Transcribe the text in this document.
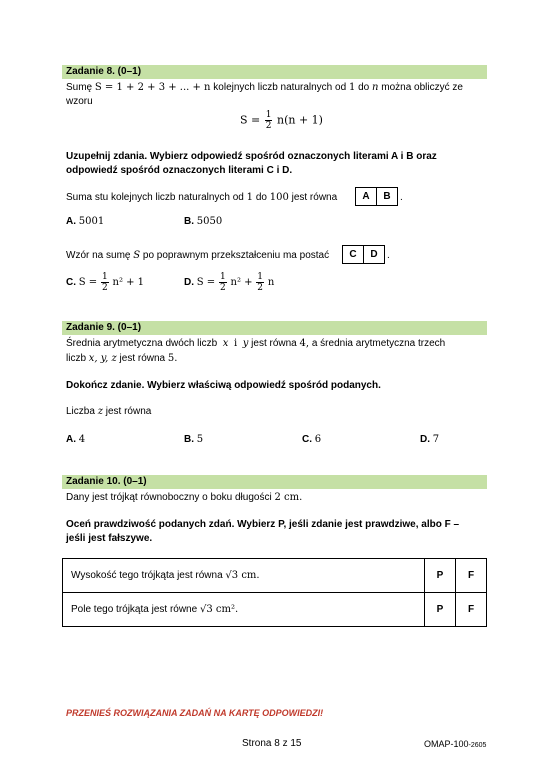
Zadanie 8. (0–1)
Sumę S = 1 + 2 + 3 + ... + n kolejnych liczb naturalnych od 1 do n można obliczyć ze
wzoru
$S = \frac{1}{2} n(n + 1)$
Uzupełnij zdania. Wybierz odpowiedź spośród oznaczonych literami A i B oraz
odpowiedź spośród oznaczonych literami C i D.
Suma stu kolejnych liczb naturalnych od 1 do 100 jest równa	A	B .
A. 5001	B. 5050
Wzór na sumę S po poprawnym przekształceniu ma postać	C	D .
C. $S = \frac{1}{2} n^2 + 1$	D. $S = \frac{1}{2} n^2 + \frac{1}{2}$ n
Zadanie 9. (0–1)
Średnia arytmetyczna dwóch liczb x i y jest równa 4, a średnia arytmetyczna trzech
liczb x, y, z jest równa 5.
Dokończ zdanie. Wybierz właściwą odpowiedź spośród podanych.
Liczba z jest równa
A. 4	B. 5	C. 6	D. 7
Zadanie 10. (0–1)
Dany jest trójkąt równoboczny o boku długości 2 cm.
Oceń prawdziwość podanych zdań. Wybierz P, jeśli zdanie jest prawdziwe, albo F –
jeśli jest fałszywe.
Wysokość tego trójkąta jest równa √3 cm.	P	F
Pole tego trójkąta jest równe √3 cm².	P	F
PRZENIEŚ ROZWIĄZANIA ZADAŃ NA KARTĘ ODPOWIEDZI!
Strona 8 z 15	OMAP-100-2605
